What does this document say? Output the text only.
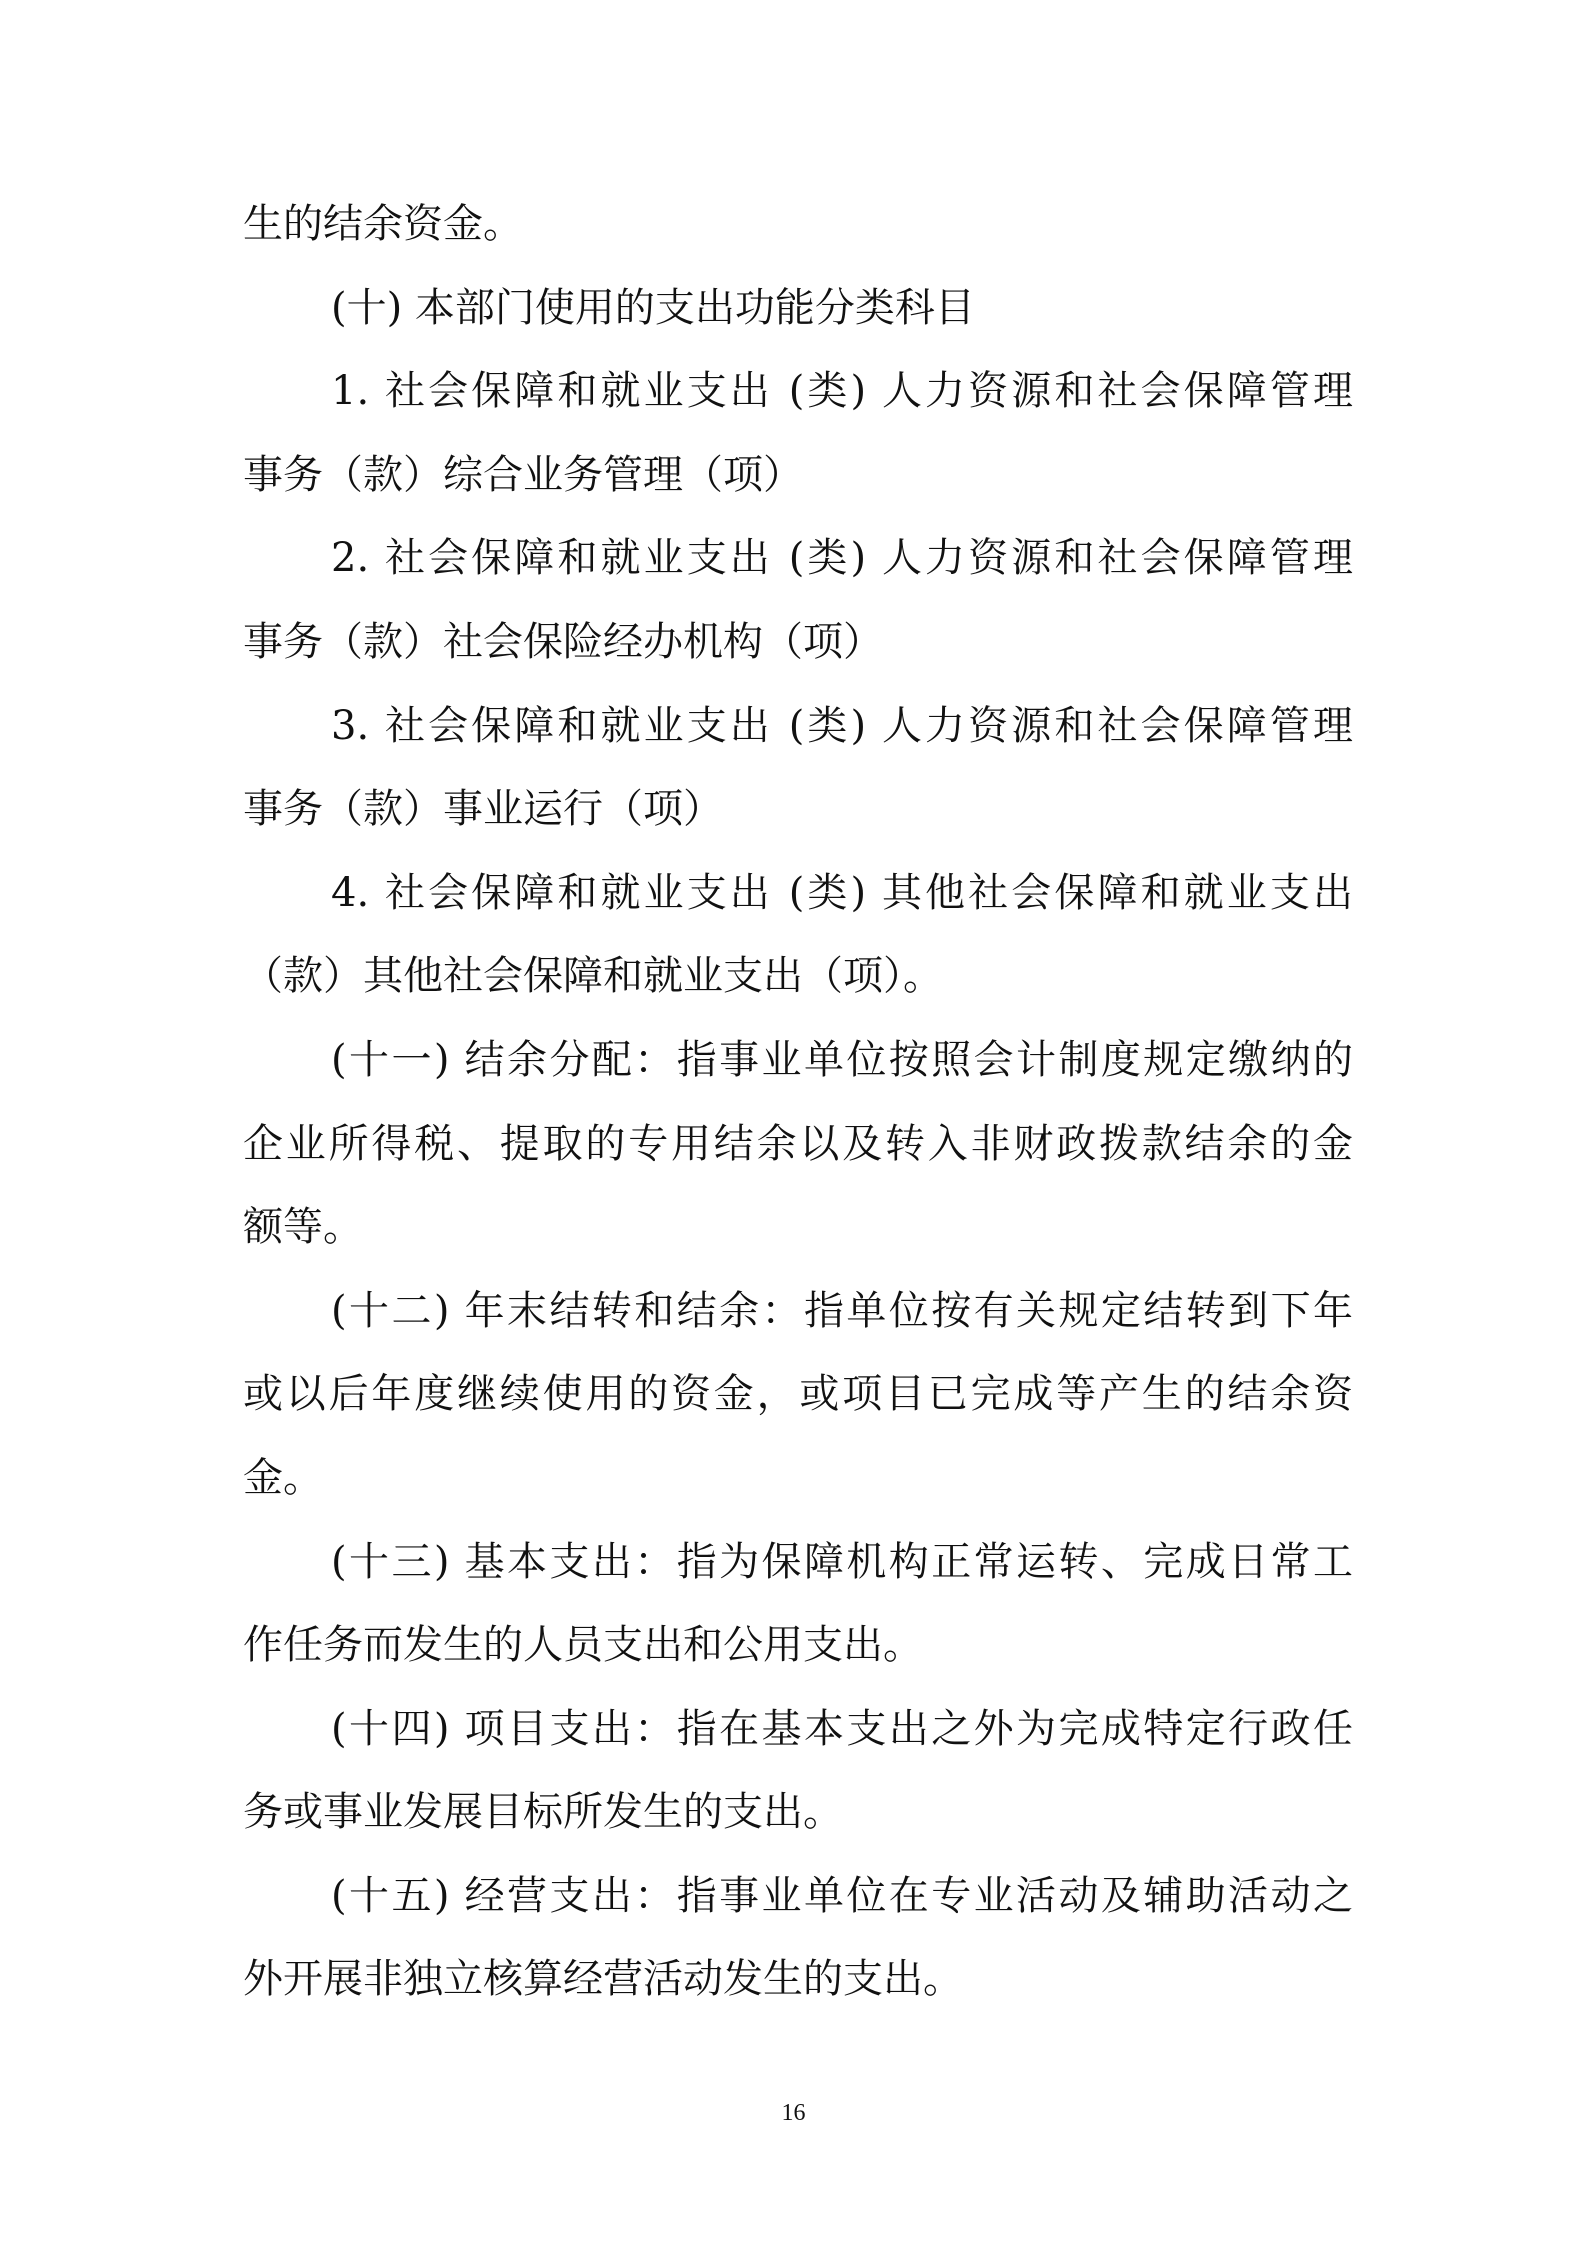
生的结余资金。
(十) 本部门使用的支出功能分类科目
1. 社会保障和就业支出 (类) 人力资源和社会保障管理
事务（款）综合业务管理（项）
2. 社会保障和就业支出 (类) 人力资源和社会保障管理
事务（款）社会保险经办机构（项）
3. 社会保障和就业支出 (类) 人力资源和社会保障管理
事务（款）事业运行（项）
4. 社会保障和就业支出 (类) 其他社会保障和就业支出
（款）其他社会保障和就业支出（项）。
(十一) 结余分配：指事业单位按照会计制度规定缴纳的
企业所得税、提取的专用结余以及转入非财政拨款结余的金
额等。
(十二) 年末结转和结余：指单位按有关规定结转到下年
或以后年度继续使用的资金，或项目已完成等产生的结余资
金。
(十三) 基本支出：指为保障机构正常运转、完成日常工
作任务而发生的人员支出和公用支出。
(十四) 项目支出：指在基本支出之外为完成特定行政任
务或事业发展目标所发生的支出。
(十五) 经营支出：指事业单位在专业活动及辅助活动之
外开展非独立核算经营活动发生的支出。
16
